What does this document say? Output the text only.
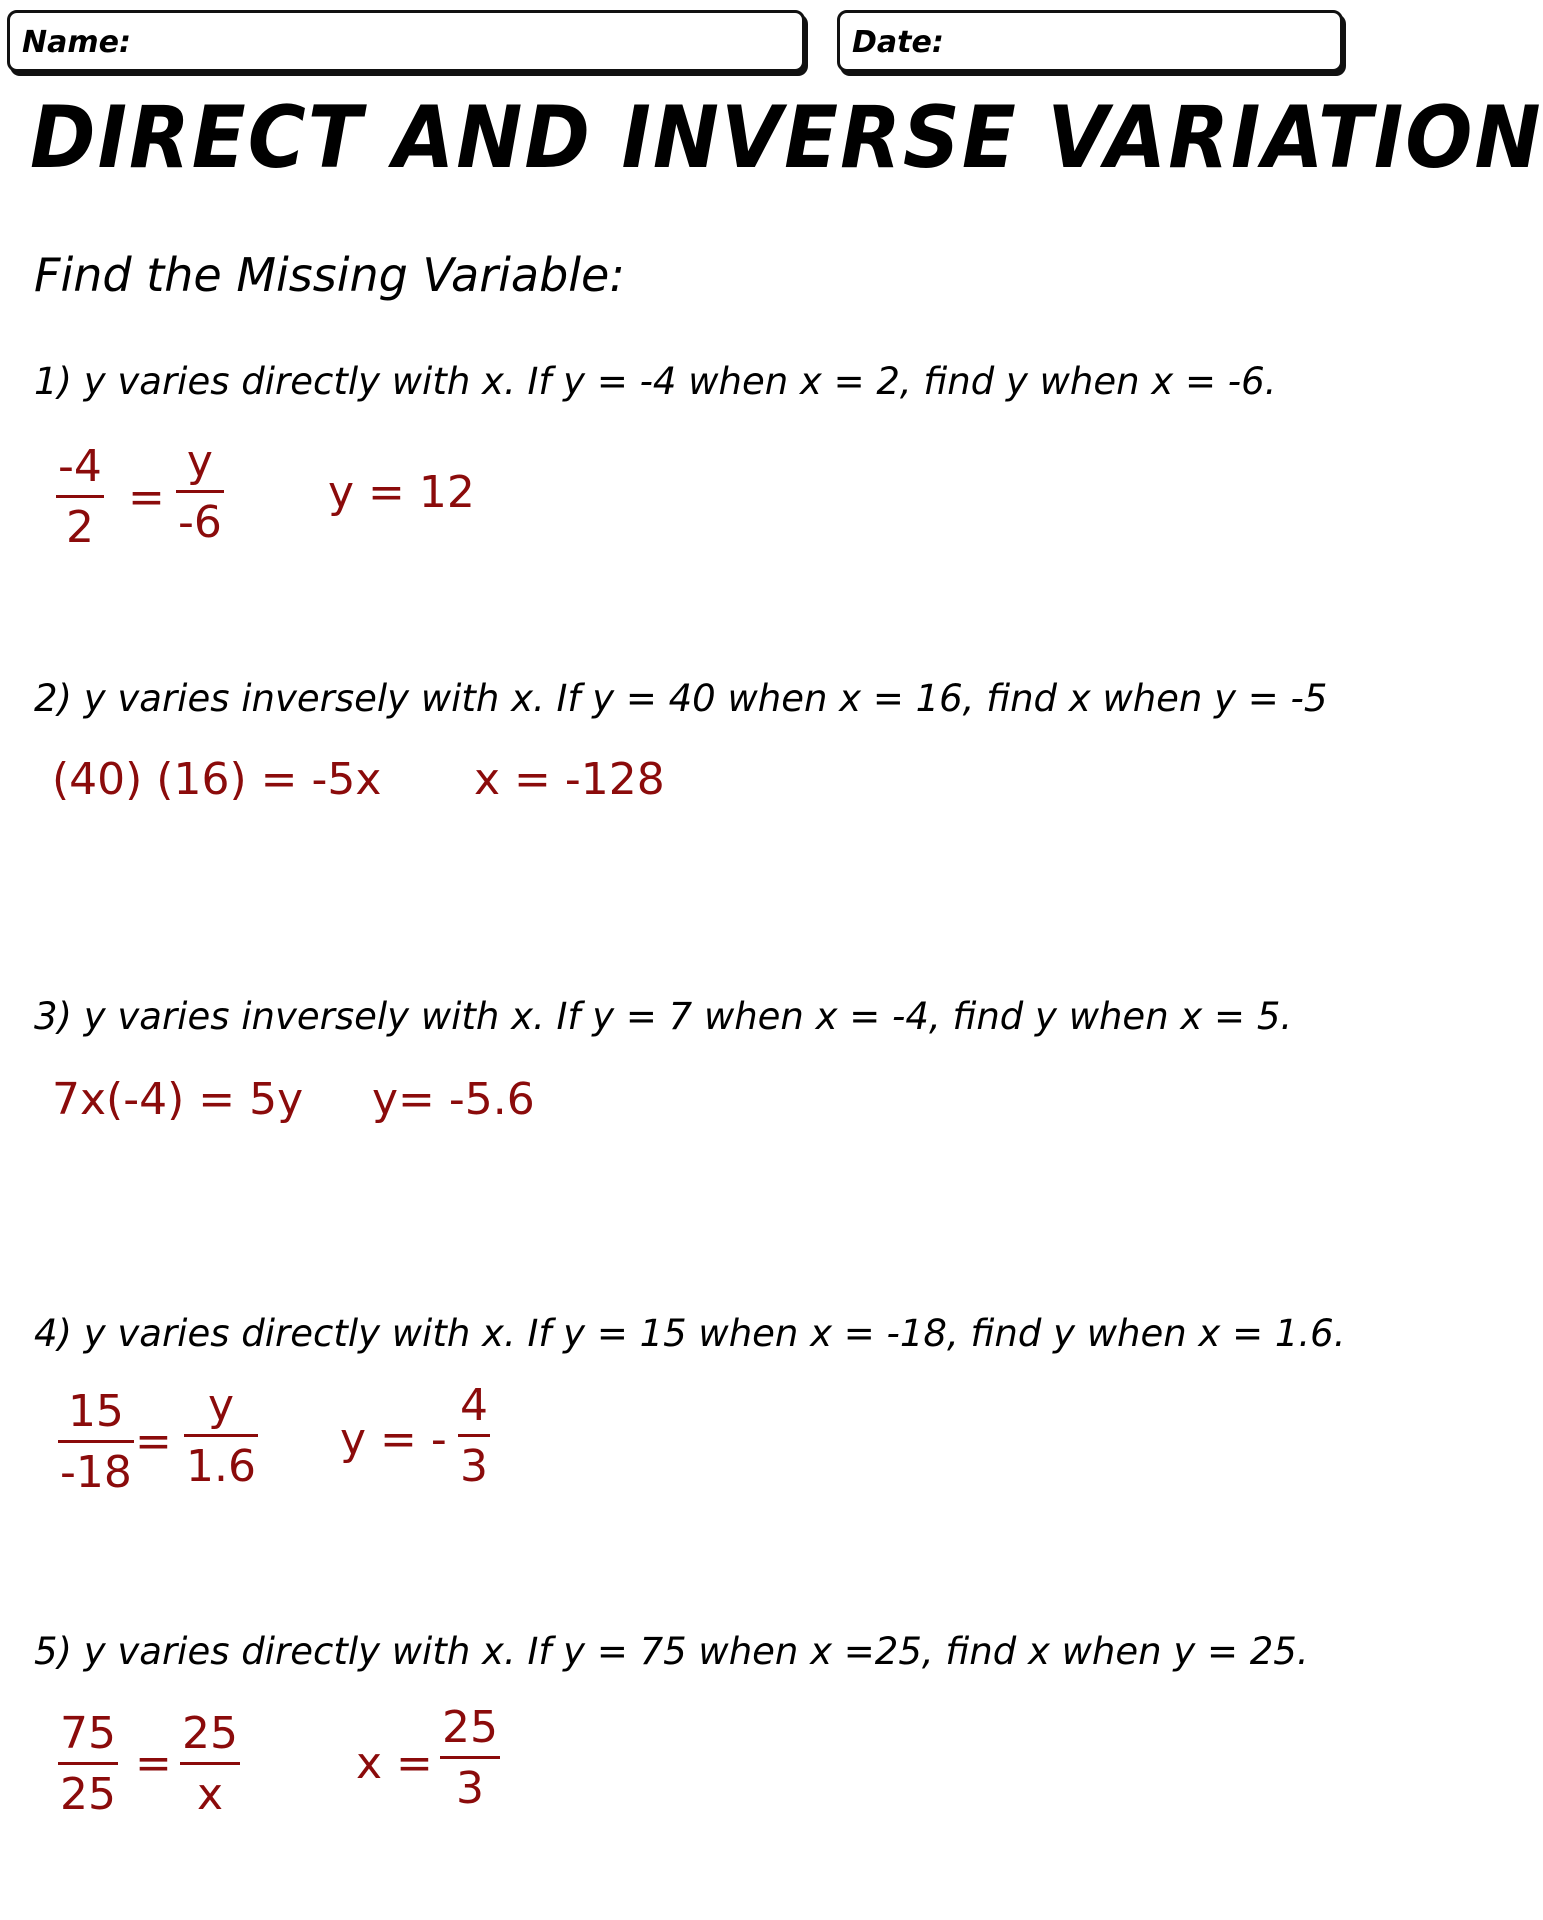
Name:	Date:
DIRECT AND INVERSE VARIATION
Find the Missing Variable:
1) y varies directly with x. If y = -4 when x = 2, find y when x = -6.
-4
2
=
y
-6
y = 12
2) y varies inversely with x. If y = 40 when x = 16, find x when y = -5
(40) (16) = -5x x = -128
3) y varies inversely with x. If y = 7 when x = -4, find y when x = 5.
7x(-4) = 5y y= -5.6
4) y varies directly with x. If y = 15 when x = -18, find y when x = 1.6.
15
-18
=
y
1.6
y = -
4
3
5) y varies directly with x. If y = 75 when x =25, find x when y = 25.
75
25
=
25
x
x =
25
3
